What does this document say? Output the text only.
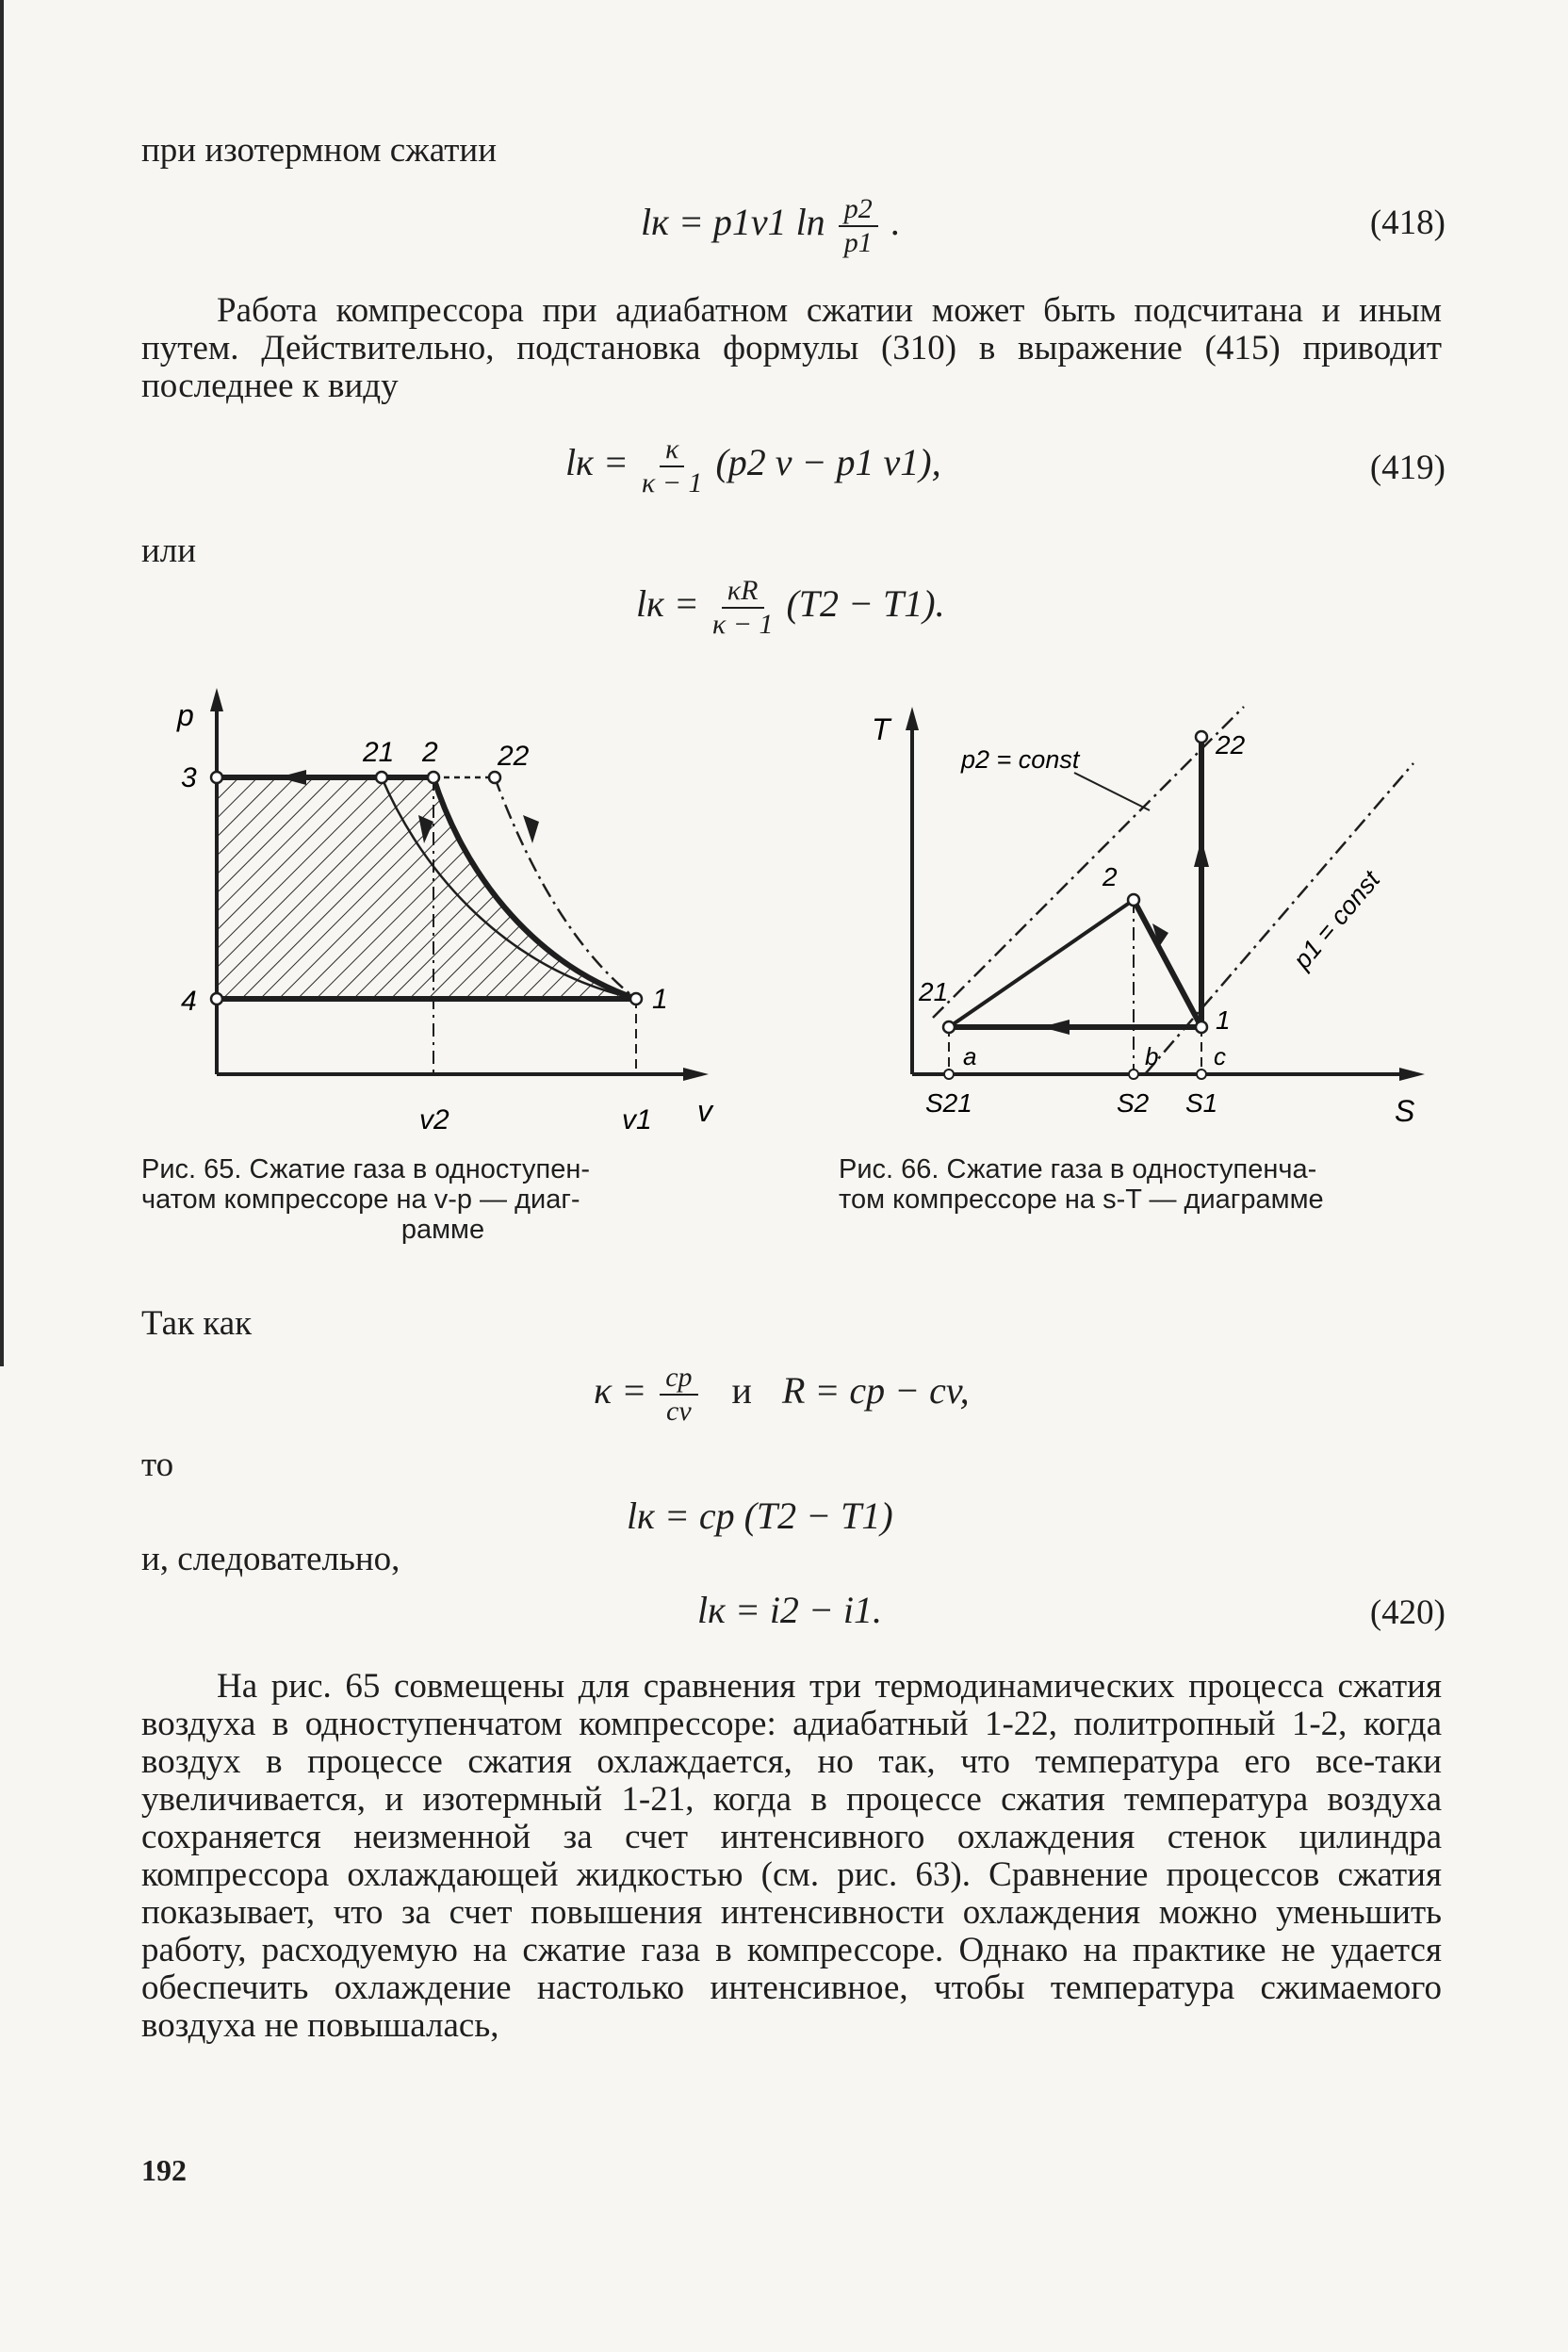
при изотермном сжатии

lк = p1v1 $\ln \frac{p2}{p1}$ .	(418)

Работа компрессора при адиабатном сжатии может быть подсчитана и иным путем. Действительно, подстановка формулы (310) в выражение (415) приводит последнее к виду

lк = $\frac{\kappa}{\kappa - 1} (p2$ v − p1 v1),	(419)

или

lк = $\frac{\kappa R}{\kappa - 1} (T2 - T1)$.
p
v
v2	v1
3
4
21 2 22
1
Рис. 65. Сжатие газа в одноступен-
чатом компрессоре на v-p — диаг-
рамме
T
S
p2 = const
p1 = const
21
2
22
1
a	b c
S21	S2 S1
Рис. 66. Сжатие газа в одноступенча-
том компрессоре на s-T — диаграмме

Так как

$\kappa = \frac{cp}{cv}$ и R = cp − cv,

то

lк = cp (T2 − T1)

и, следовательно,

lк = i2 − i1.	(420)

На рис. 65 совмещены для сравнения три термодинамических процесса сжатия воздуха в одноступенчатом компрессоре: адиабатный 1-22, политропный 1-2, когда воздух в процессе сжатия охлаждается, но так, что температура его все-таки увеличивается, и изотермный 1-21, когда в процессе сжатия температура воздуха сохраняется неизменной за счет интенсивного охлаждения стенок цилиндра компрессора охлаждающей жидкостью (см. рис. 63). Сравнение процессов сжатия показывает, что за счет повышения интенсивности охлаждения можно уменьшить работу, расходуемую на сжатие газа в компрессоре. Однако на практике не удается обеспечить охлаждение настолько интенсивное, чтобы температура сжимаемого воздуха не повышалась,

192
